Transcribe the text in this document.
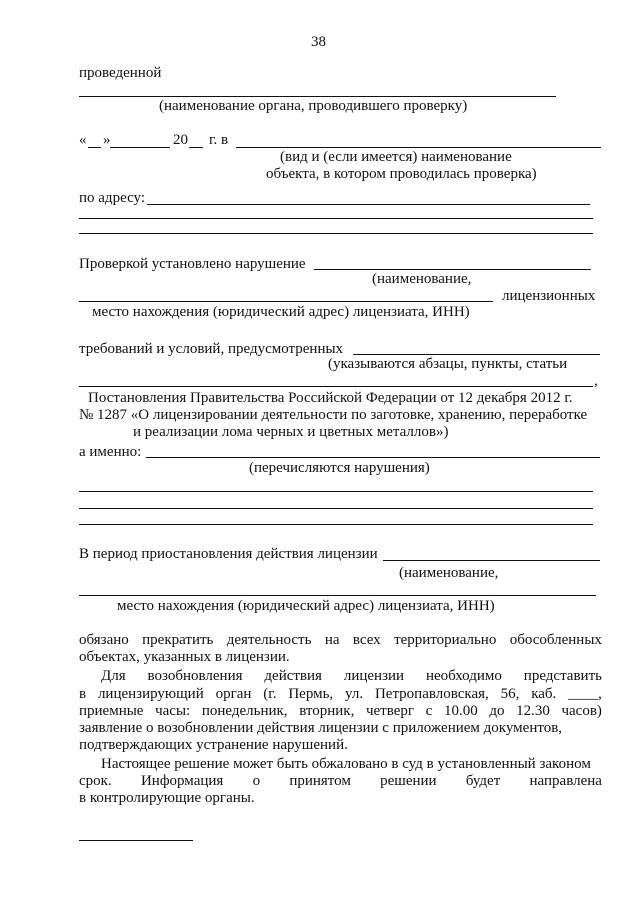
38
проведенной
(наименование органа, проводившего проверку)
« »	20 г. в
(вид и (если имеется) наименование
объекта, в котором проводилась проверка)
по адресу:
Проверкой установлено нарушение
(наименование,
лицензионных
место нахождения (юридический адрес) лицензиата, ИНН)
требований и условий, предусмотренных
(указываются абзацы, пункты, статьи
,
Постановления Правительства Российской Федерации от 12 декабря 2012 г.
№ 1287 «О лицензировании деятельности по заготовке, хранению, переработке
и реализации лома черных и цветных металлов»)
а именно:
(перечисляются нарушения)
В период приостановления действия лицензии
(наименование,
место нахождения (юридический адрес) лицензиата, ИНН)
обязано прекратить деятельность на всех территориально обособленных
объектах, указанных в лицензии.
Для возобновления действия лицензии необходимо представить
в лицензирующий орган (г. Пермь, ул. Петропавловская, 56, каб. ____,
приемные часы: понедельник, вторник, четверг с 10.00 до 12.30 часов)
заявление о возобновлении действия лицензии с приложением документов,
подтверждающих устранение нарушений.
Настоящее решение может быть обжаловано в суд в установленный законом
срок. Информация о принятом решении будет направлена
в контролирующие органы.
